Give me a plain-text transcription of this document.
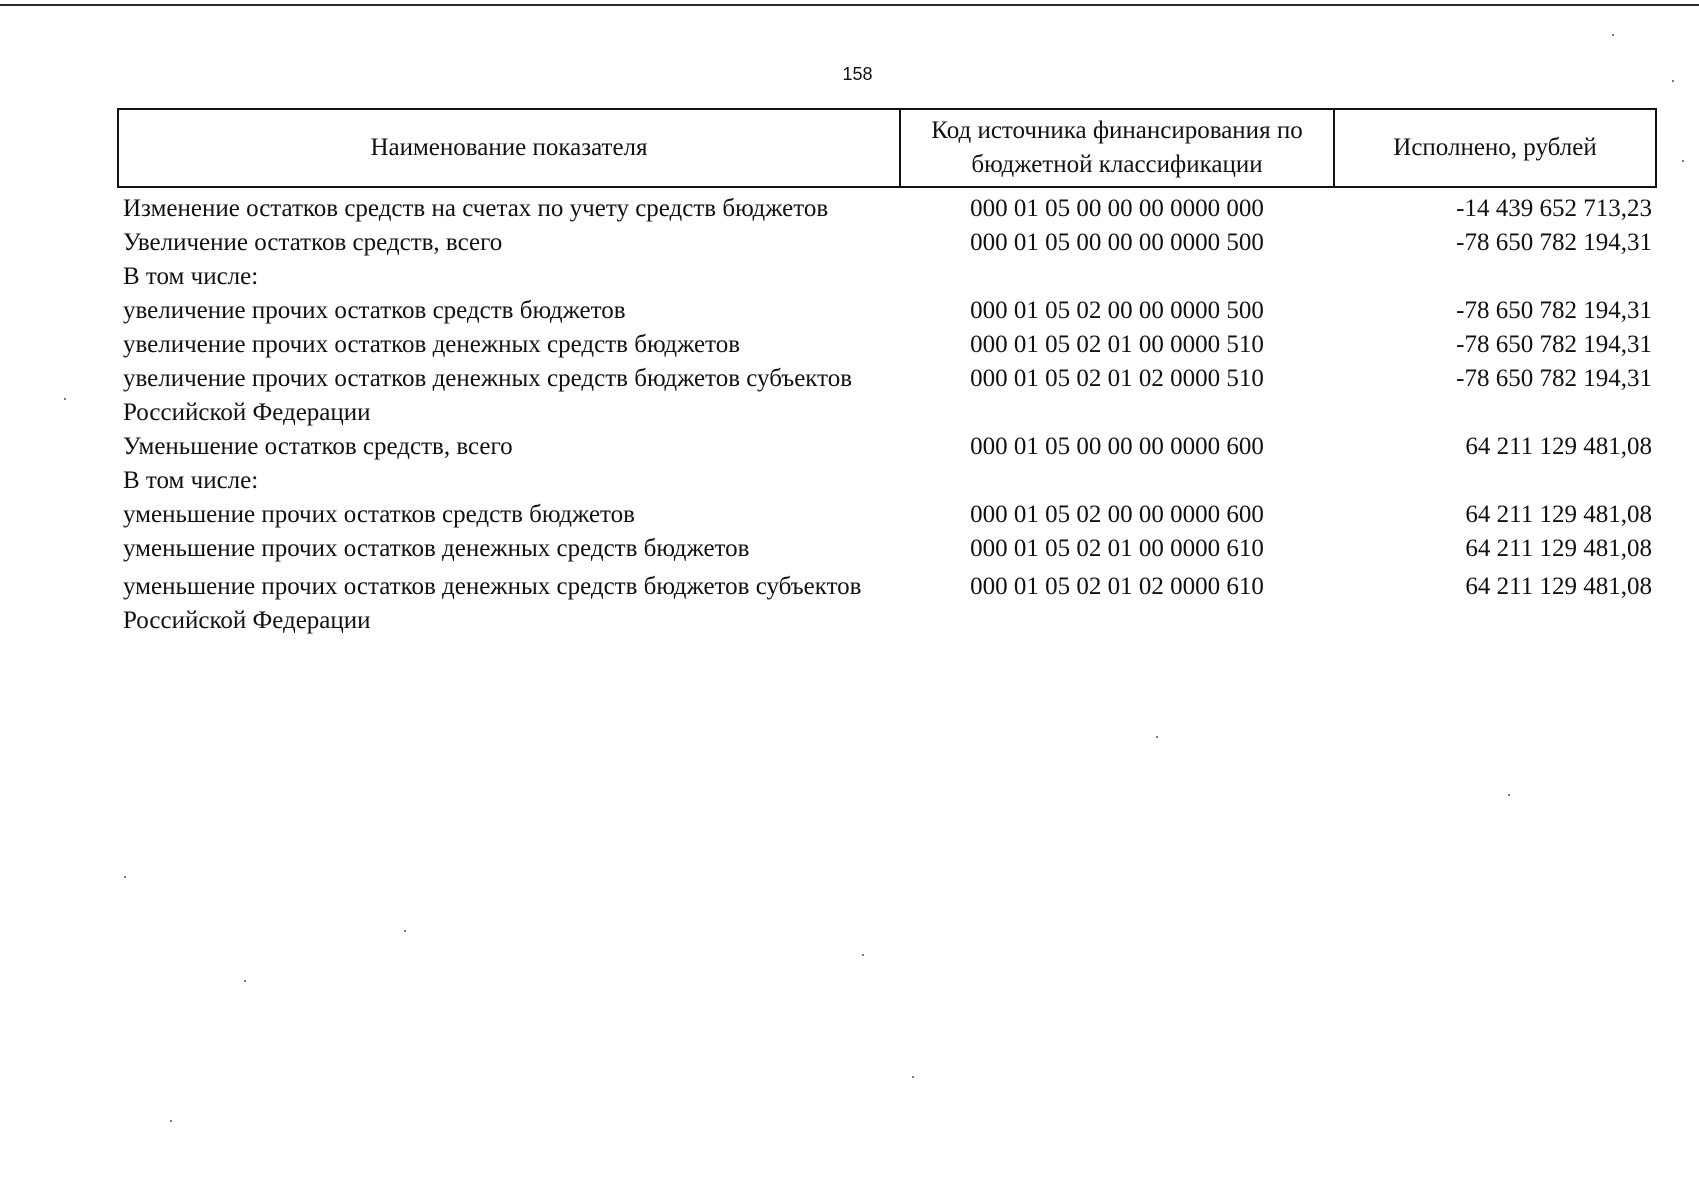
158
Наименование показателя	Код источника финансирования по бюджетной классификации	Исполнено, рублей
Изменение остатков средств на счетах по учету средств бюджетов	000 01 05 00 00 00 0000 000	-14 439 652 713,23
Увеличение остатков средств, всего	000 01 05 00 00 00 0000 500	-78 650 782 194,31
В том числе:		
увеличение прочих остатков средств бюджетов	000 01 05 02 00 00 0000 500	-78 650 782 194,31
увеличение прочих остатков денежных средств бюджетов	000 01 05 02 01 00 0000 510	-78 650 782 194,31
увеличение прочих остатков денежных средств бюджетов субъектов Российской Федерации	000 01 05 02 01 02 0000 510	-78 650 782 194,31
Уменьшение остатков средств, всего	000 01 05 00 00 00 0000 600	64 211 129 481,08
В том числе:		
уменьшение прочих остатков средств бюджетов	000 01 05 02 00 00 0000 600	64 211 129 481,08
уменьшение прочих остатков денежных средств бюджетов	000 01 05 02 01 00 0000 610	64 211 129 481,08
уменьшение прочих остатков денежных средств бюджетов субъектов Российской Федерации	000 01 05 02 01 02 0000 610	64 211 129 481,08
